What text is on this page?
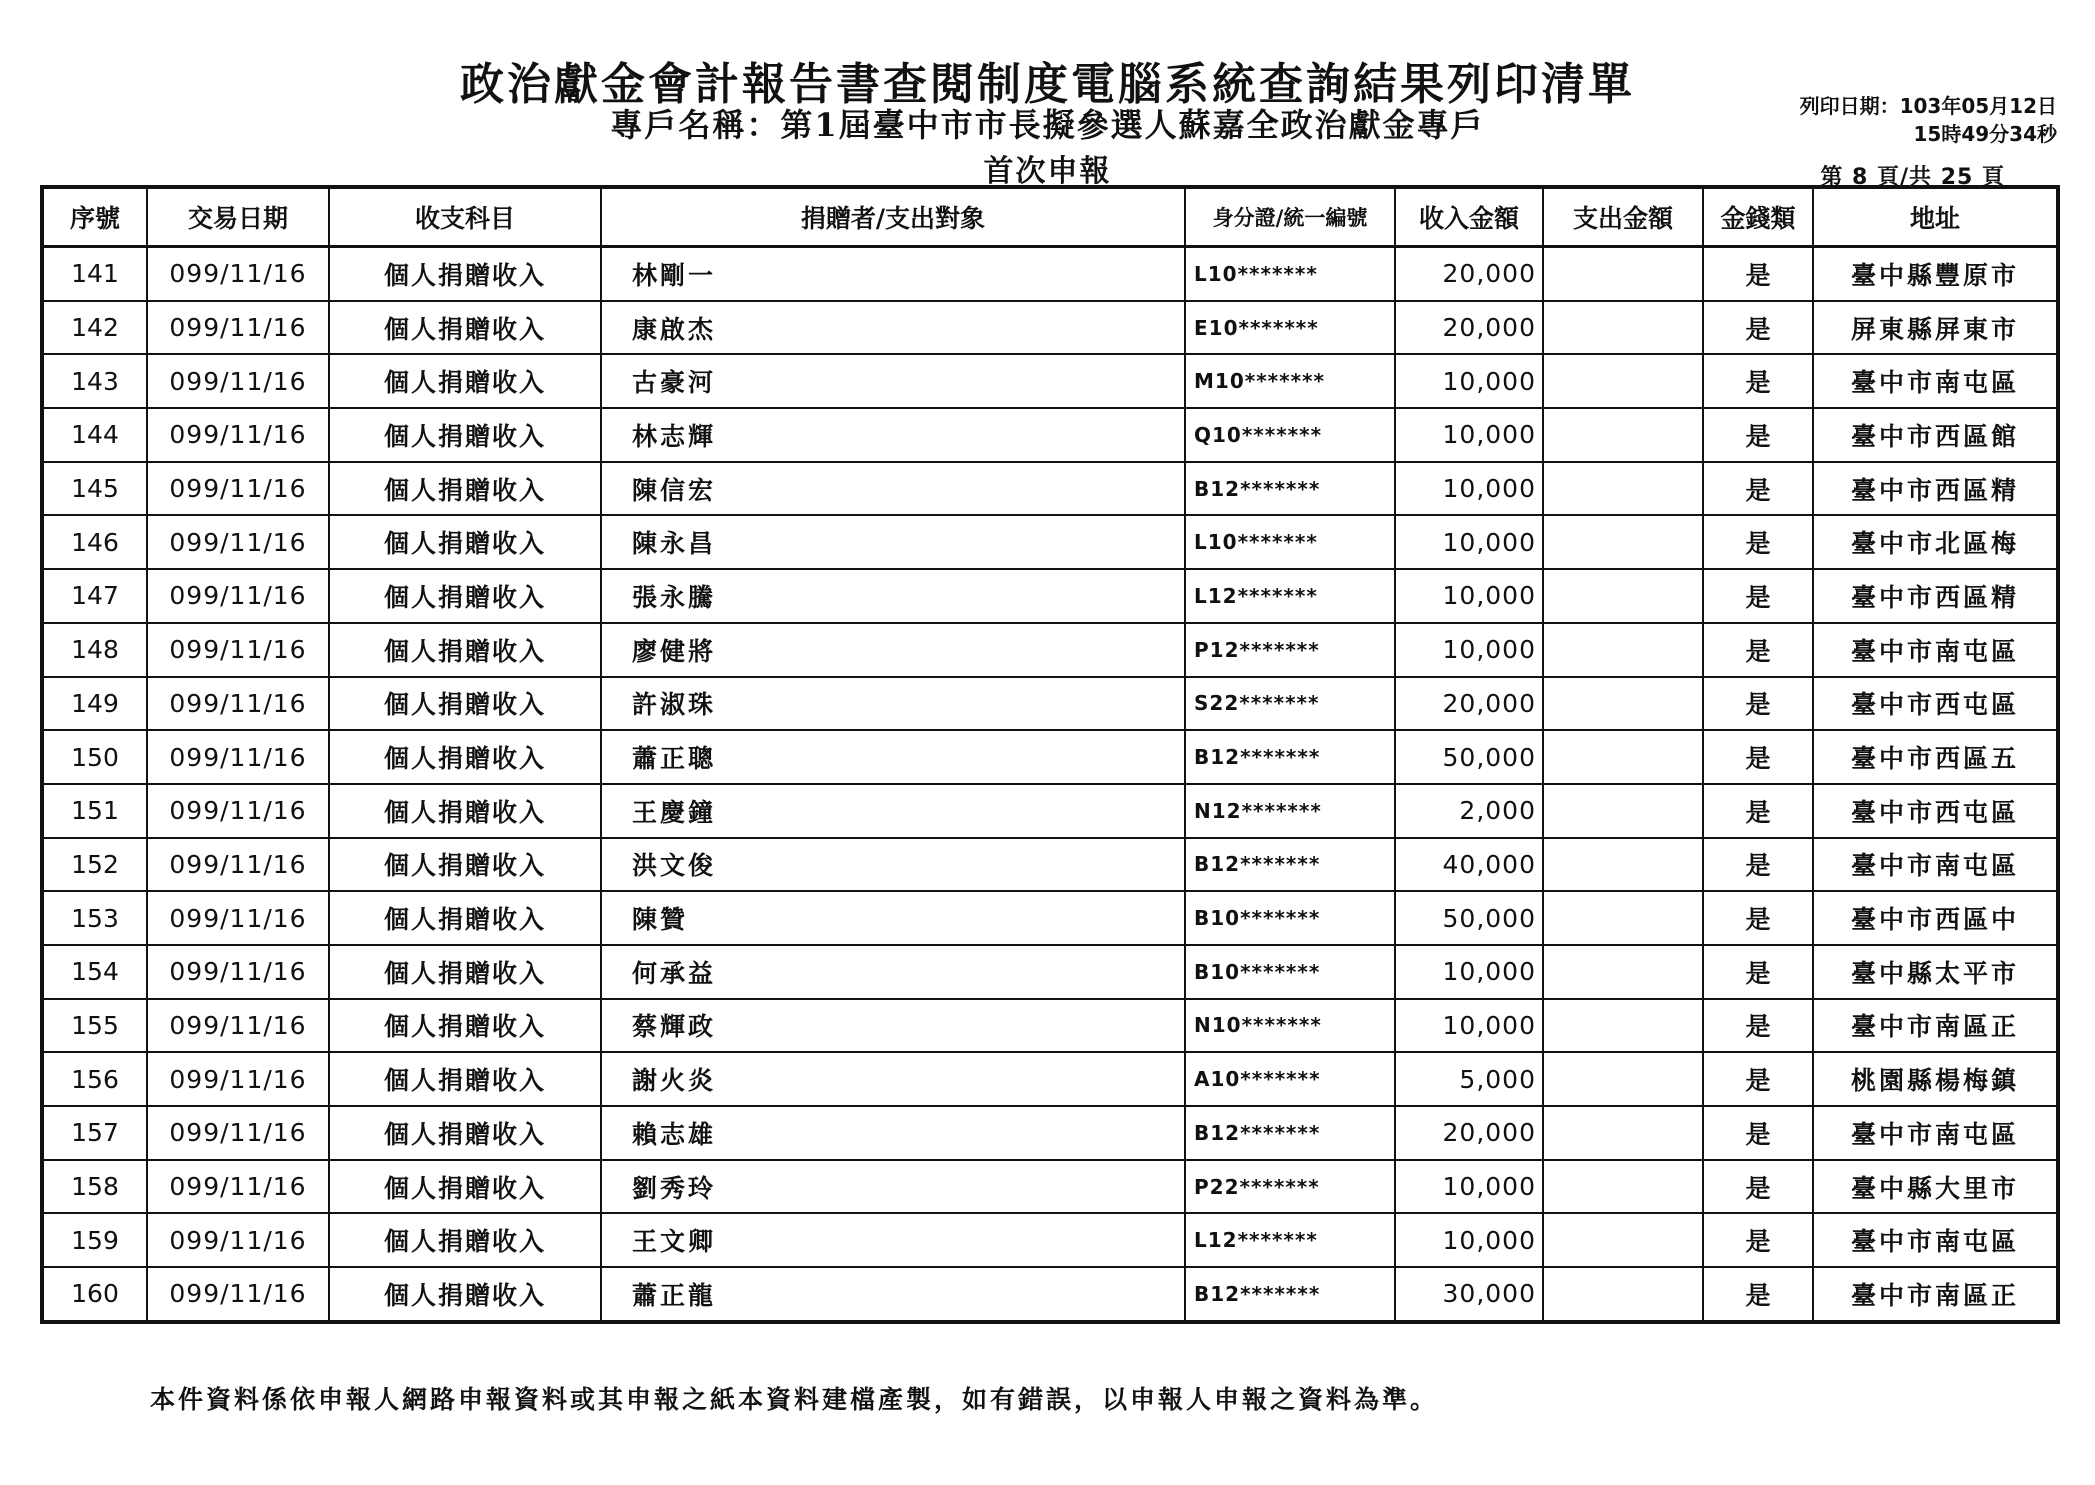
政治獻金會計報告書查閱制度電腦系統查詢結果列印清單
專戶名稱：第1屆臺中市市長擬參選人蘇嘉全政治獻金專戶
首次申報
列印日期：103年05月12日
15時49分34秒
第 8 頁/共 25 頁
序號	交易日期	收支科目	捐贈者/支出對象	身分證/統一編號	收入金額	支出金額	金錢類	地址
141	099/11/16	個人捐贈收入	林剛一	L10*******	20,000		是	臺中縣豐原市
142	099/11/16	個人捐贈收入	康啟杰	E10*******	20,000		是	屏東縣屏東市
143	099/11/16	個人捐贈收入	古豪河	M10*******	10,000		是	臺中市南屯區
144	099/11/16	個人捐贈收入	林志輝	Q10*******	10,000		是	臺中市西區館
145	099/11/16	個人捐贈收入	陳信宏	B12*******	10,000		是	臺中市西區精
146	099/11/16	個人捐贈收入	陳永昌	L10*******	10,000		是	臺中市北區梅
147	099/11/16	個人捐贈收入	張永騰	L12*******	10,000		是	臺中市西區精
148	099/11/16	個人捐贈收入	廖健將	P12*******	10,000		是	臺中市南屯區
149	099/11/16	個人捐贈收入	許淑珠	S22*******	20,000		是	臺中市西屯區
150	099/11/16	個人捐贈收入	蕭正聰	B12*******	50,000		是	臺中市西區五
151	099/11/16	個人捐贈收入	王慶鐘	N12*******	2,000		是	臺中市西屯區
152	099/11/16	個人捐贈收入	洪文俊	B12*******	40,000		是	臺中市南屯區
153	099/11/16	個人捐贈收入	陳贊	B10*******	50,000		是	臺中市西區中
154	099/11/16	個人捐贈收入	何承益	B10*******	10,000		是	臺中縣太平市
155	099/11/16	個人捐贈收入	蔡輝政	N10*******	10,000		是	臺中市南區正
156	099/11/16	個人捐贈收入	謝火炎	A10*******	5,000		是	桃園縣楊梅鎮
157	099/11/16	個人捐贈收入	賴志雄	B12*******	20,000		是	臺中市南屯區
158	099/11/16	個人捐贈收入	劉秀玲	P22*******	10,000		是	臺中縣大里市
159	099/11/16	個人捐贈收入	王文卿	L12*******	10,000		是	臺中市南屯區
160	099/11/16	個人捐贈收入	蕭正龍	B12*******	30,000		是	臺中市南區正
本件資料係依申報人網路申報資料或其申報之紙本資料建檔產製，如有錯誤，以申報人申報之資料為準。
